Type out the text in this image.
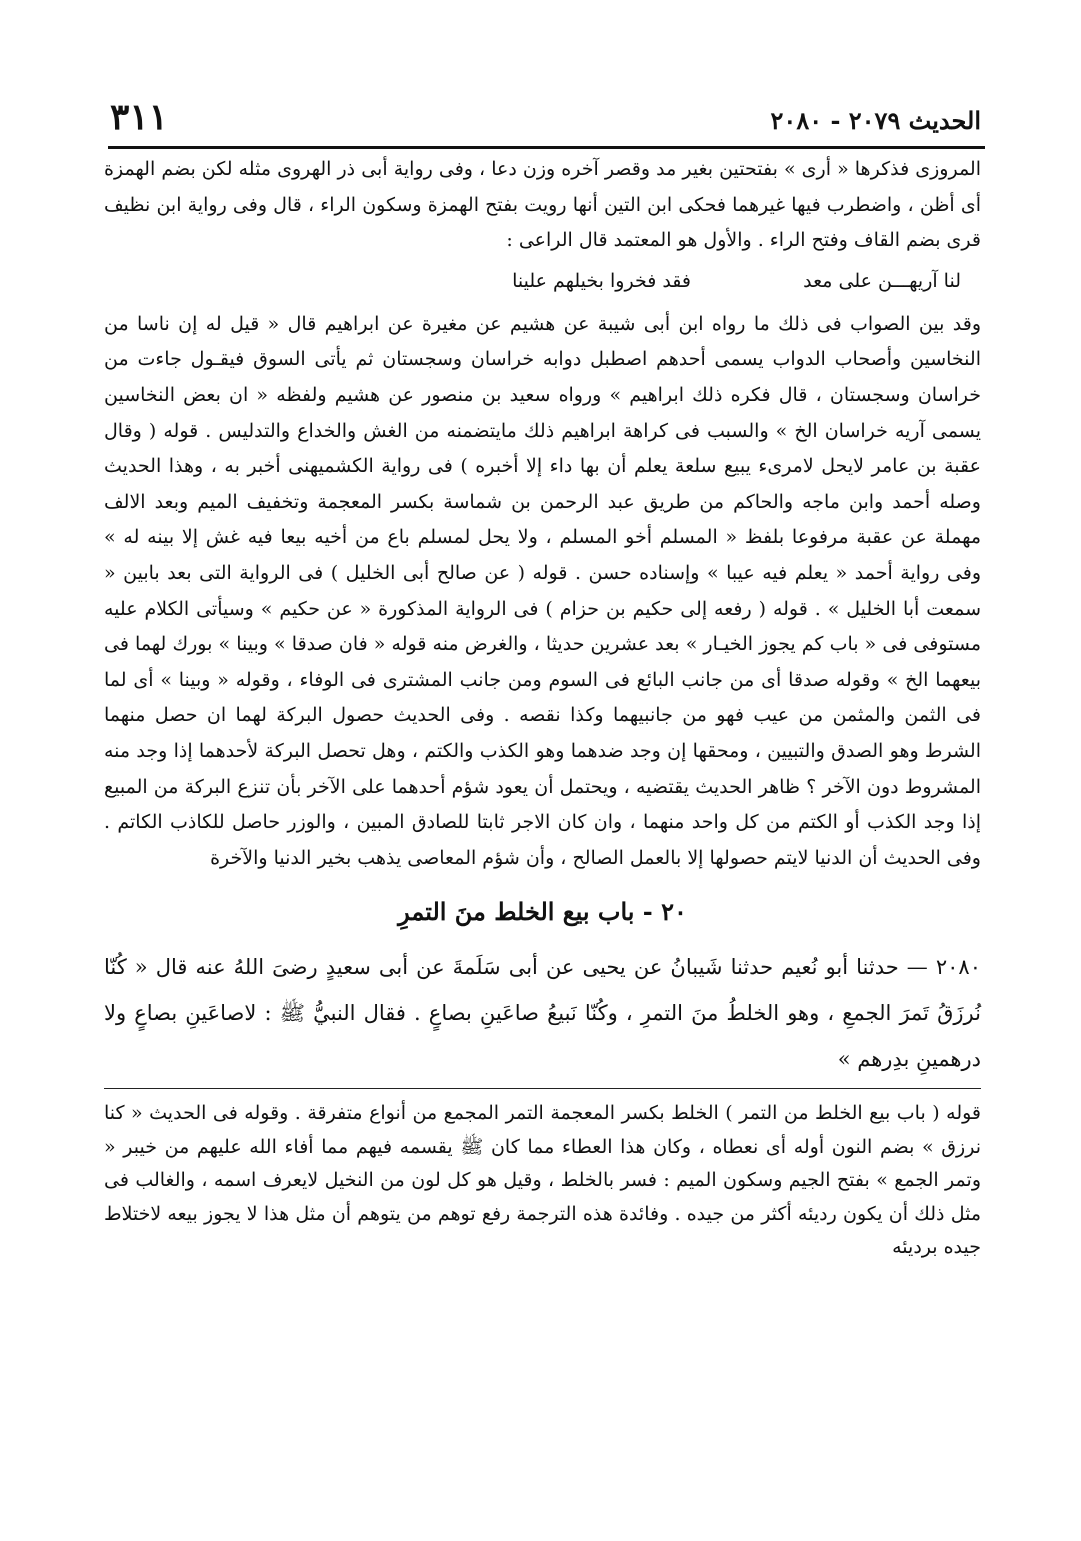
الحديث ٢٠٧٩ - ٢٠٨٠
٣١١

المروزى فذكرها « أرى » بفتحتين بغير مد وقصر آخره وزن دعا ، وفى رواية أبى ذر الهروى مثله لكن بضم الهمزة أى أظن ، واضطرب فيها غيرهما فحكى ابن التين أنها رويت بفتح الهمزة وسكون الراء ، قال وفى رواية ابن نظيف قرى بضم القاف وفتح الراء . والأول هو المعتمد قال الراعى :

فقد فخروا بخيلهم علينا	لنا آريهـــن على معد

وقد بين الصواب فى ذلك ما رواه ابن أبى شيبة عن هشيم عن مغيرة عن ابراهيم قال « قيل له إن ناسا من النخاسين وأصحاب الدواب يسمى أحدهم اصطبل دوابه خراسان وسجستان ثم يأتى السوق فيقـول جاءت من خراسان وسجستان ، قال فكره ذلك ابراهيم » ورواه سعيد بن منصور عن هشيم ولفظه « ان بعض النخاسين يسمى آريه خراسان الخ » والسبب فى كراهة ابراهيم ذلك مايتضمنه من الغش والخداع والتدليس . قوله ( وقال عقبة بن عامر لايحل لامرىء يبيع سلعة يعلم أن بها داء إلا أخبره ) فى رواية الكشميهنى أخبر به ، وهذا الحديث وصله أحمد وابن ماجه والحاكم من طريق عبد الرحمن بن شماسة بكسر المعجمة وتخفيف الميم وبعد الالف مهملة عن عقبة مرفوعا بلفظ « المسلم أخو المسلم ، ولا يحل لمسلم باع من أخيه بيعا فيه غش إلا بينه له » وفى رواية أحمد « يعلم فيه عيبا » وإسناده حسن . قوله ( عن صالح أبى الخليل ) فى الرواية التى بعد بابين « سمعت أبا الخليل » . قوله ( رفعه إلى حكيم بن حزام ) فى الرواية المذكورة « عن حكيم » وسيأتى الكلام عليه مستوفى فى « باب كم يجوز الخيـار » بعد عشرين حديثا ، والغرض منه قوله « فان صدقا » وبينا » بورك لهما فى بيعهما الخ » وقوله صدقا أى من جانب البائع فى السوم ومن جانب المشترى فى الوفاء ، وقوله « وبينا » أى لما فى الثمن والمثمن من عيب فهو من جانبيهما وكذا نقصه . وفى الحديث حصول البركة لهما ان حصل منهما الشرط وهو الصدق والتبيين ، ومحقها إن وجد ضدهما وهو الكذب والكتم ، وهل تحصل البركة لأحدهما إذا وجد منه المشروط دون الآخر ؟ ظاهر الحديث يقتضيه ، ويحتمل أن يعود شؤم أحدهما على الآخر بأن تنزع البركة من المبيع إذا وجد الكذب أو الكتم من كل واحد منهما ، وان كان الاجر ثابتا للصادق المبين ، والوزر حاصل للكاذب الكاتم . وفى الحديث أن الدنيا لايتم حصولها إلا بالعمل الصالح ، وأن شؤم المعاصى يذهب بخير الدنيا والآخرة

٢٠ - باب بيع الخلط منَ التمرِ

٢٠٨٠ — حدثنا أبو نُعيم حدثنا شَيبانُ عن يحيى عن أبى سَلَمةَ عن أبى سعيدٍ رضىَ اللهُ عنه قال « كُنّا نُرزَقُ تَمرَ الجمعِ ، وهو الخلطُ منَ التمرِ ، وكُنّا نَبيعُ صاعَينِ بصاعٍ . فقال النبيُّ ﷺ : لاصاعَينِ بصاعٍ ولا درهمينِ بدِرهم »

قوله ( باب بيع الخلط من التمر ) الخلط بكسر المعجمة التمر المجمع من أنواع متفرقة . وقوله فى الحديث « كنا نرزق » بضم النون أوله أى نعطاه ، وكان هذا العطاء مما كان ﷺ يقسمه فيهم مما أفاء الله عليهم من خيبر « وتمر الجمع » بفتح الجيم وسكون الميم : فسر بالخلط ، وقيل هو كل لون من النخيل لايعرف اسمه ، والغالب فى مثل ذلك أن يكون رديئه أكثر من جيده . وفائدة هذه الترجمة رفع توهم من يتوهم أن مثل هذا لا يجوز بيعه لاختلاط جيده برديئه
